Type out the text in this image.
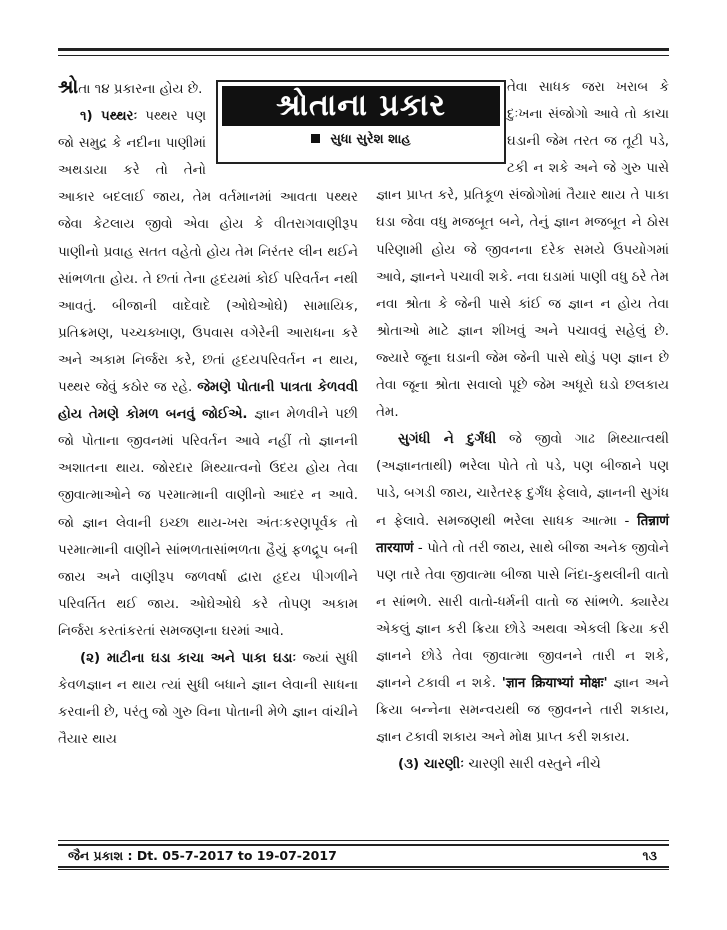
શ્રોતાના પ્રકાર
સુધા સુરેશ શાહ

શ્રોતા ૧૪ પ્રકારના હોય છે.

૧) પથ્થરઃ પથ્થર પણ જો સમુદ્ર કે નદીના પાણીમાં અથડાયા કરે તો તેનો આકાર બદલાઈ જાય, તેમ વર્તમાનમાં આવતા પથ્થર જેવા કેટલાય જીવો એવા હોય કે વીતરાગવાણીરૂપ પાણીનો પ્રવાહ સતત વહેતો હોય તેમ નિરંતર લીન થઈને સાંભળતા હોય. તે છતાં તેના હૃદયમાં કોઈ પરિવર્તન નથી આવતું. બીજાની વાદેવાદે (ઓઘેઓઘે) સામાયિક, પ્રતિક્રમણ, પચ્ચક્ખાણ, ઉપવાસ વગેરેની આરાધના કરે અને અકામ નિર્જરા કરે, છતાં હૃદયપરિવર્તન ન થાય, પથ્થર જેવું કઠોર જ રહે. જેમણે પોતાની પાત્રતા કેળવવી હોય તેમણે કોમળ બનવું જોઈએ. જ્ઞાન મેળવીને પછી જો પોતાના જીવનમાં પરિવર્તન આવે નહીં તો જ્ઞાનની અશાતના થાય. જોરદાર મિથ્યાત્વનો ઉદય હોય તેવા જીવાત્માઓને જ પરમાત્માની વાણીનો આદર ન આવે. જો જ્ઞાન લેવાની ઇચ્છા થાય-ખરા અંતઃકરણપૂર્વક તો પરમાત્માની વાણીને સાંભળતાસાંભળતા હૈયું ફળદ્રૂપ બની જાય અને વાણીરૂપ જળવર્ષા દ્વારા હૃદય પીગળીને પરિવર્તિત થઈ જાય. ઓઘેઓઘે કરે તોપણ અકામ નિર્જરા કરતાંકરતાં સમજણના ઘરમાં આવે.

(૨) માટીના ઘડા કાચા અને પાકા ઘડાઃ જ્યાં સુધી કેવળજ્ઞાન ન થાય ત્યાં સુધી બધાને જ્ઞાન લેવાની સાધના કરવાની છે, પરંતુ જો ગુરુ વિના પોતાની મેળે જ્ઞાન વાંચીને તૈયાર થાય

તેવા સાધક જરા ખરાબ કે દુઃખના સંજોગો આવે તો કાચા ઘડાની જેમ તરત જ તૂટી પડે, ટકી ન શકે અને જે ગુરુ પાસે જ્ઞાન પ્રાપ્ત કરે, પ્રતિકૂળ સંજોગોમાં તૈયાર થાય તે પાકા ઘડા જેવા વધુ મજબૂત બને, તેનું જ્ઞાન મજબૂત ને ઠોસ પરિણામી હોય જે જીવનના દરેક સમયે ઉપયોગમાં આવે, જ્ઞાનને પચાવી શકે. નવા ઘડામાં પાણી વધુ ઠરે તેમ નવા શ્રોતા કે જેની પાસે કાંઈ જ જ્ઞાન ન હોય તેવા શ્રોતાઓ માટે જ્ઞાન શીખવું અને પચાવવું સહેલું છે. જ્યારે જૂના ઘડાની જેમ જેની પાસે થોડું પણ જ્ઞાન છે તેવા જૂના શ્રોતા સવાલો પૂછે જેમ અધૂરો ઘડો છલકાય તેમ.

સુગંધી ને દુર્ગંધી જે જીવો ગાઢ મિથ્યાત્વથી (અજ્ઞાનતાથી) ભરેલા પોતે તો પડે, પણ બીજાને પણ પાડે, બગડી જાય, ચારેતરફ દુર્ગંધ ફેલાવે, જ્ઞાનની સુગંધ ન ફેલાવે. સમજણથી ભરેલા સાધક આત્મા - तिन्नाणं तारयाणं - પોતે તો તરી જાય, સાથે બીજા અનેક જીવોને પણ તારે તેવા જીવાત્મા બીજા પાસે નિંદા-કુથલીની વાતો ન સાંભળે. સારી વાતો-ધર્મની વાતો જ સાંભળે. ક્યારેય એકલું જ્ઞાન કરી ક્રિયા છોડે અથવા એકલી ક્રિયા કરી જ્ઞાનને છોડે તેવા જીવાત્મા જીવનને તારી ન શકે, જ્ઞાનને ટકાવી ન શકે. 'ज्ञान क्रियाभ्यां मोक्षः' જ્ઞાન અને ક્રિયા બન્નેના સમન્વયથી જ જીવનને તારી શકાય, જ્ઞાન ટકાવી શકાય અને મોક્ષ પ્રાપ્ત કરી શકાય.

(૩) ચારણીઃ ચારણી સારી વસ્તુને નીચે

જૈન પ્રકાશ : Dt. 05-7-2017 to 19-07-2017	૧૩
